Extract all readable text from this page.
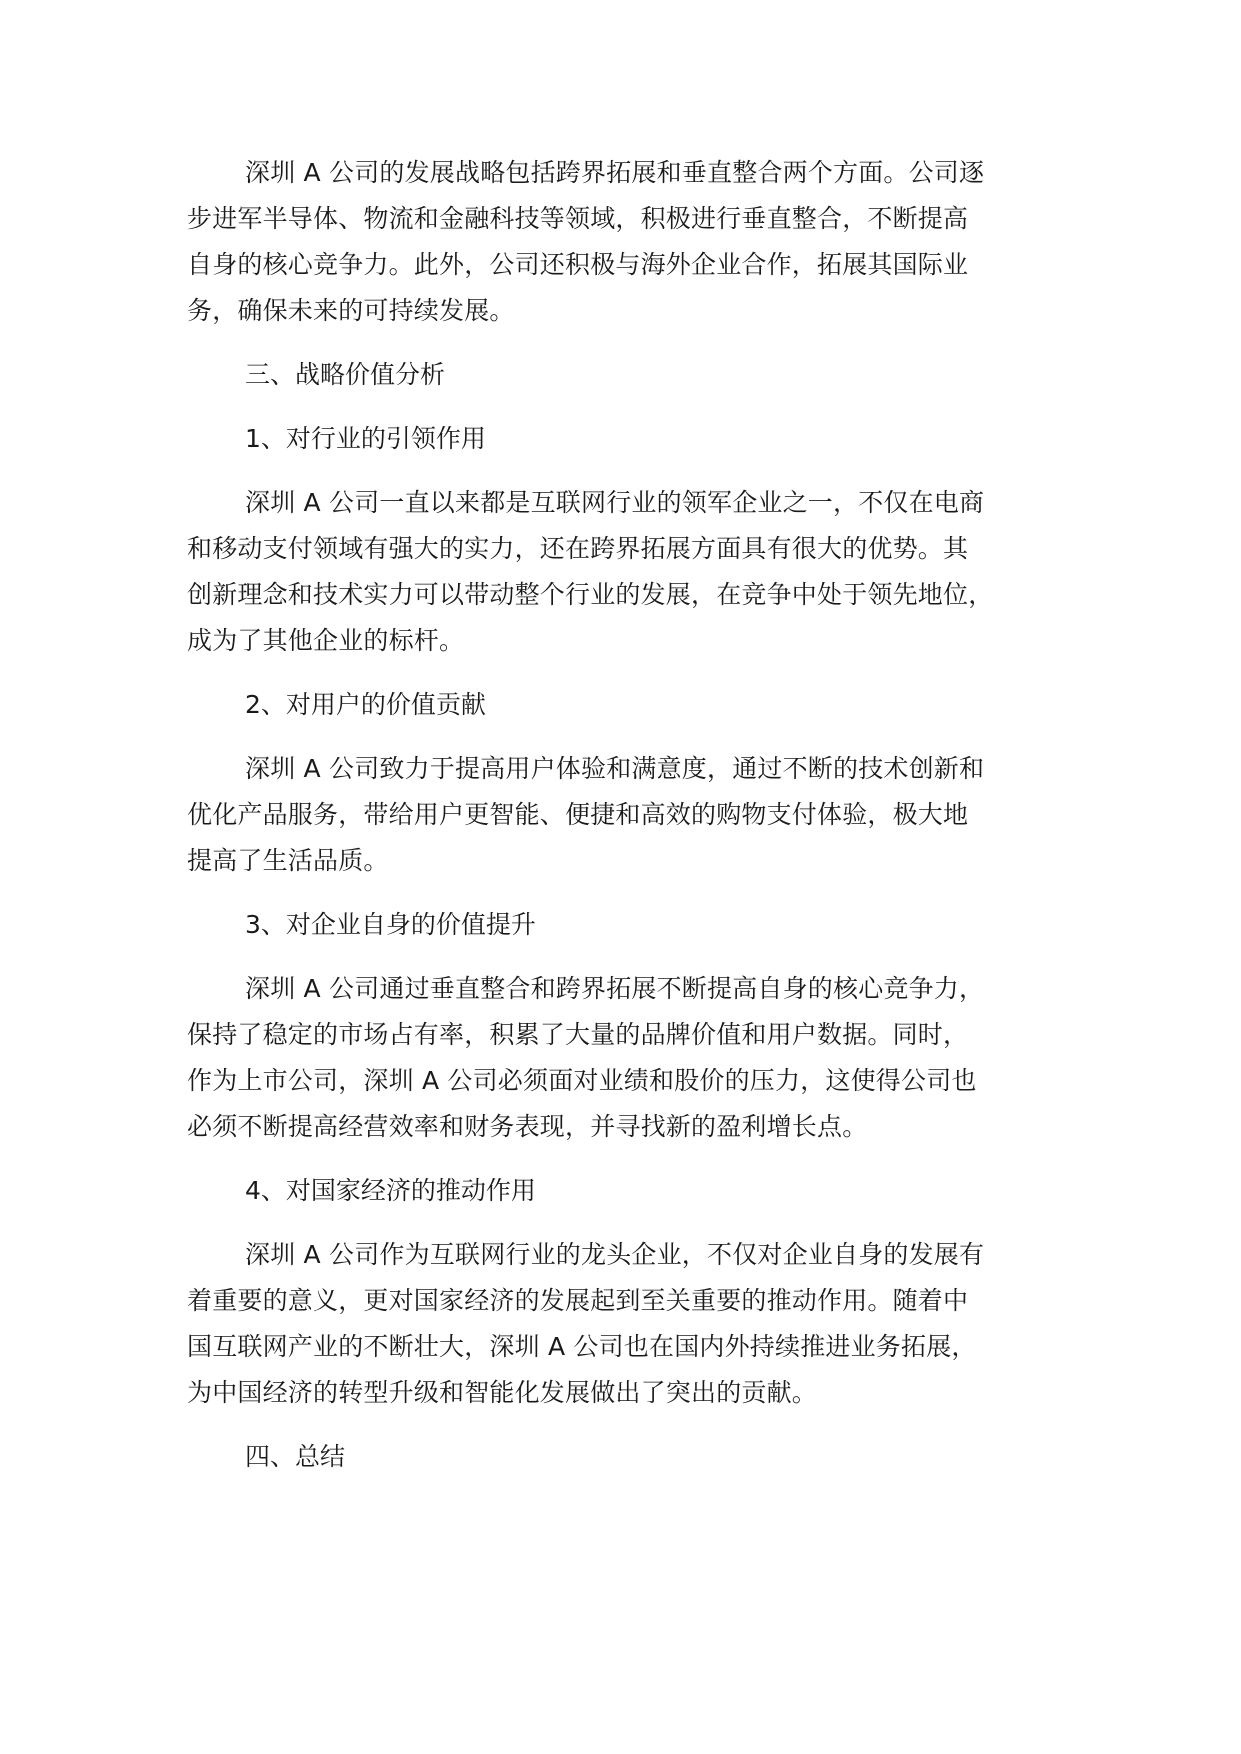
深圳 A 公司的发展战略包括跨界拓展和垂直整合两个方面。公司逐
步进军半导体、物流和金融科技等领域，积极进行垂直整合，不断提高
自身的核心竞争力。此外，公司还积极与海外企业合作，拓展其国际业
务，确保未来的可持续发展。
三、战略价值分析
1、对行业的引领作用
深圳 A 公司一直以来都是互联网行业的领军企业之一，不仅在电商
和移动支付领域有强大的实力，还在跨界拓展方面具有很大的优势。其
创新理念和技术实力可以带动整个行业的发展，在竞争中处于领先地位，
成为了其他企业的标杆。
2、对用户的价值贡献
深圳 A 公司致力于提高用户体验和满意度，通过不断的技术创新和
优化产品服务，带给用户更智能、便捷和高效的购物支付体验，极大地
提高了生活品质。
3、对企业自身的价值提升
深圳 A 公司通过垂直整合和跨界拓展不断提高自身的核心竞争力，
保持了稳定的市场占有率，积累了大量的品牌价值和用户数据。同时，
作为上市公司，深圳 A 公司必须面对业绩和股价的压力，这使得公司也
必须不断提高经营效率和财务表现，并寻找新的盈利增长点。
4、对国家经济的推动作用
深圳 A 公司作为互联网行业的龙头企业，不仅对企业自身的发展有
着重要的意义，更对国家经济的发展起到至关重要的推动作用。随着中
国互联网产业的不断壮大，深圳 A 公司也在国内外持续推进业务拓展，
为中国经济的转型升级和智能化发展做出了突出的贡献。
四、总结
